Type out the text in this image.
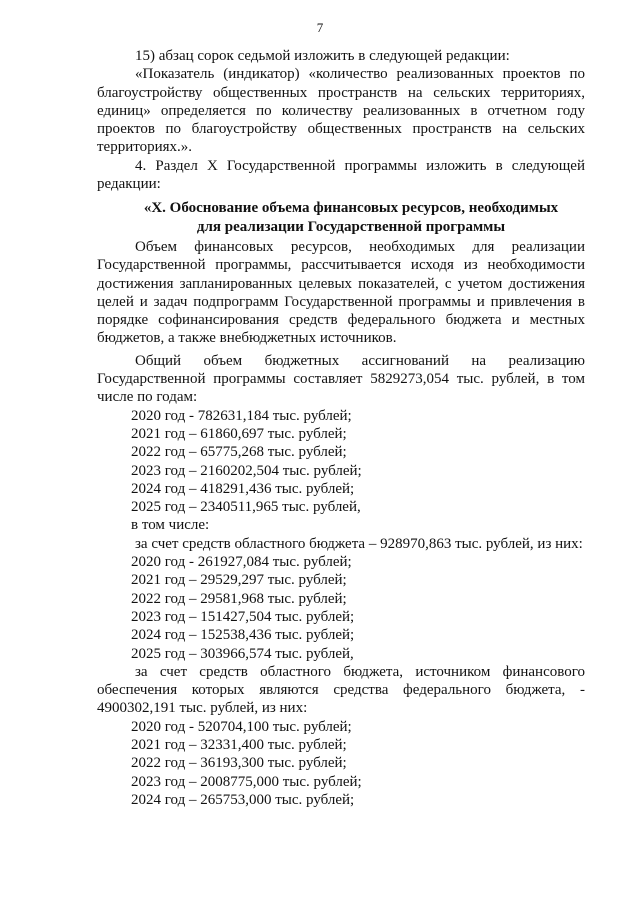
7

15) абзац сорок седьмой изложить в следующей редакции:

«Показатель (индикатор) «количество реализованных проектов по благоустройству общественных пространств на сельских территориях, единиц» определяется по количеству реализованных в отчетном году проектов по благоустройству общественных пространств на сельских территориях.».

4. Раздел X Государственной программы изложить в следующей редакции:

«X. Обоснование объема финансовых ресурсов, необходимых
для реализации Государственной программы

Объем финансовых ресурсов, необходимых для реализации Государственной программы, рассчитывается исходя из необходимости достижения запланированных целевых показателей, с учетом достижения целей и задач подпрограмм Государственной программы и привлечения в порядке софинансирования средств федерального бюджета и местных бюджетов, а также внебюджетных источников.

Общий объем бюджетных ассигнований на реализацию Государственной программы составляет 5829273,054 тыс. рублей, в том числе по годам:

2020 год - 782631,184 тыс. рублей;
2021 год – 61860,697 тыс. рублей;
2022 год – 65775,268 тыс. рублей;
2023 год – 2160202,504 тыс. рублей;
2024 год – 418291,436 тыс. рублей;
2025 год – 2340511,965 тыс. рублей,

в том числе:

за счет средств областного бюджета – 928970,863 тыс. рублей, из них:

2020 год - 261927,084 тыс. рублей;
2021 год – 29529,297 тыс. рублей;
2022 год – 29581,968 тыс. рублей;
2023 год – 151427,504 тыс. рублей;
2024 год – 152538,436 тыс. рублей;
2025 год – 303966,574 тыс. рублей,

за счет средств областного бюджета, источником финансового обеспечения которых являются средства федерального бюджета, - 4900302,191 тыс. рублей, из них:

2020 год - 520704,100 тыс. рублей;
2021 год – 32331,400 тыс. рублей;
2022 год – 36193,300 тыс. рублей;
2023 год – 2008775,000 тыс. рублей;
2024 год – 265753,000 тыс. рублей;
